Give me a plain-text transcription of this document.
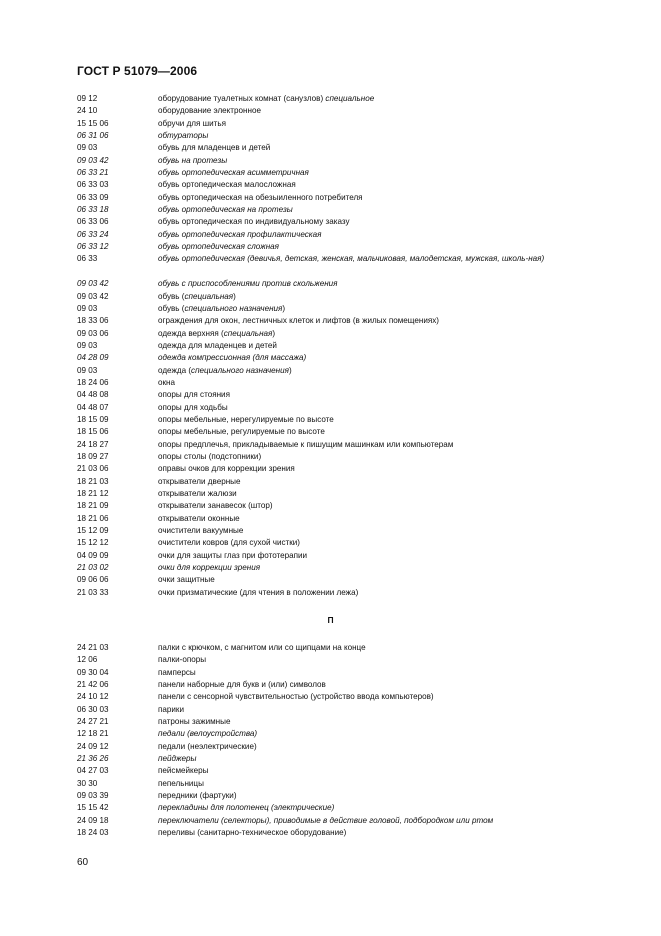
ГОСТ Р 51079—2006
09 12	оборудование туалетных комнат (санузлов) специальное
24 10	оборудование электронное
15 15 06	обручи для шитья
06 31 06	обтураторы
09 03	обувь для младенцев и детей
09 03 42	обувь на протезы
06 33 21	обувь ортопедическая асимметричная
06 33 03	обувь ортопедическая малосложная
06 33 09	обувь ортопедическая на обезыиленного потребителя
06 33 18	обувь ортопедическая на протезы
06 33 06	обувь ортопедическая по индивидуальному заказу
06 33 24	обувь ортопедическая профилактическая
06 33 12	обувь ортопедическая сложная
06 33	обувь ортопедическая (девичья, детская, женская, мальчиковая, малодетская, мужская, школь-ная)
09 03 42	обувь с приспособлениями против скольжения
09 03 42	обувь (специальная)
09 03	обувь (специального назначения)
18 33 06	ограждения для окон, лестничных клеток и лифтов (в жилых помещениях)
09 03 06	одежда верхняя (специальная)
09 03	одежда для младенцев и детей
04 28 09	одежда компрессионная (для массажа)
09 03	одежда (специального назначения)
18 24 06	окна
04 48 08	опоры для стояния
04 48 07	опоры для ходьбы
18 15 09	опоры мебельные, нерегулируемые по высоте
18 15 06	опоры мебельные, регулируемые по высоте
24 18 27	опоры предплечья, прикладываемые к пишущим машинкам или компьютерам
18 09 27	опоры столы (подстопники)
21 03 06	оправы очков для коррекции зрения
18 21 03	открыватели дверные
18 21 12	открыватели жалюзи
18 21 09	открыватели занавесок (штор)
18 21 06	открыватели оконные
15 12 09	очистители вакуумные
15 12 12	очистители ковров (для сухой чистки)
04 09 09	очки для защиты глаз при фототерапии
21 03 02	очки для коррекции зрения
09 06 06	очки защитные
21 03 33	очки призматические (для чтения в положении лежа)
П
24 21 03	палки с крючком, с магнитом или со щипцами на конце
12 06	палки-опоры
09 30 04	памперсы
21 42 06	панели наборные для букв и (или) символов
24 10 12	панели с сенсорной чувствительностью (устройство ввода компьютеров)
06 30 03	парики
24 27 21	патроны зажимные
12 18 21	педали (велоустройства)
24 09 12	педали (неэлектрические)
21 36 26	пейджеры
04 27 03	пейсмейкеры
30 30	пепельницы
09 03 39	передники (фартуки)
15 15 42	перекладины для полотенец (электрические)
24 09 18	переключатели (селекторы), приводимые в действие головой, подбородком или ртом
18 24 03	переливы (санитарно-техническое оборудование)
60
